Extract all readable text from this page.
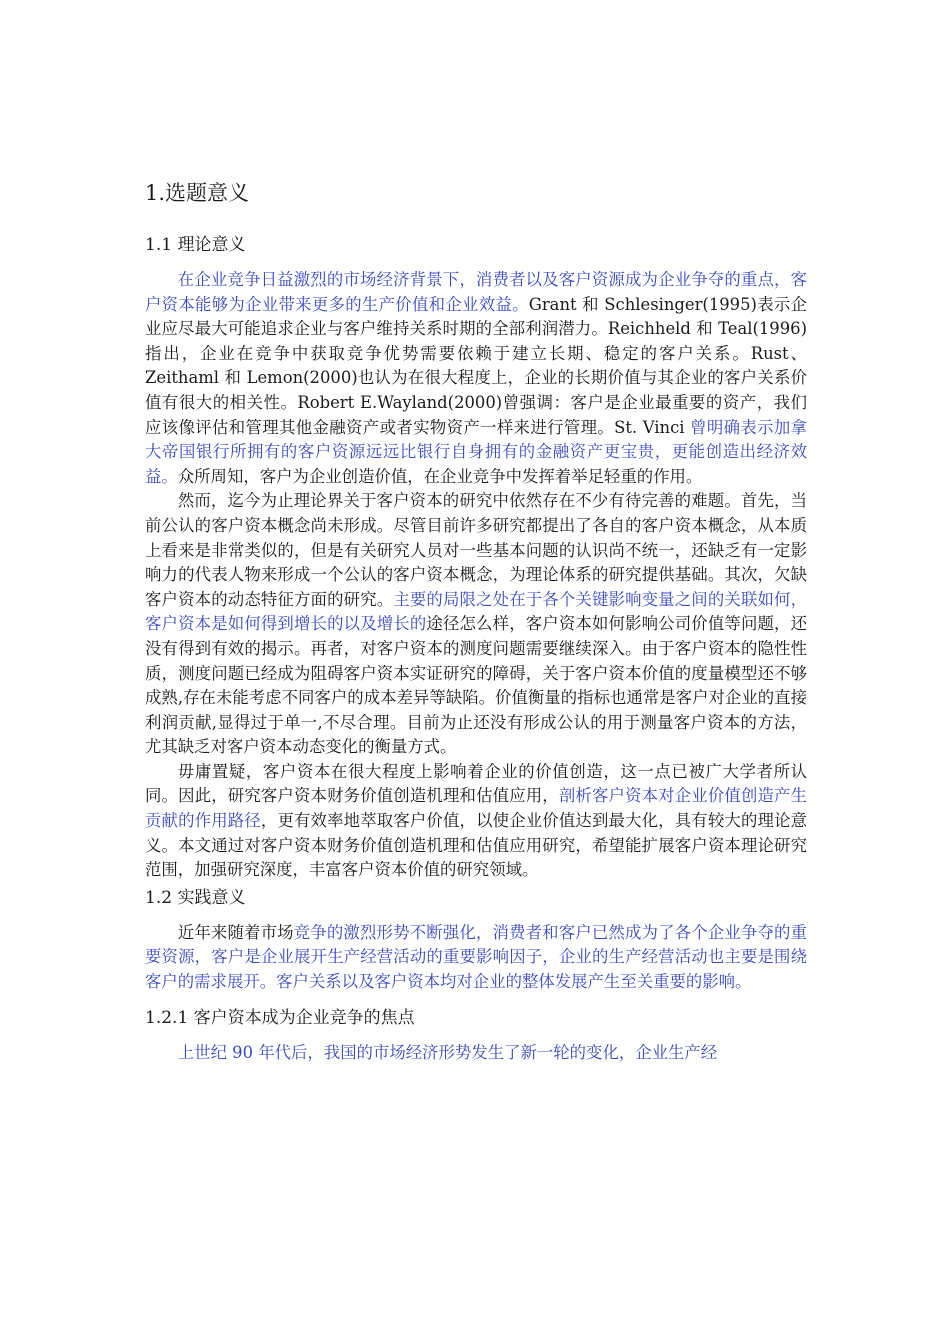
1.选题意义
1.1 理论意义

在企业竞争日益激烈的市场经济背景下，消费者以及客户资源成为企业争夺的重点，客户资本能够为企业带来更多的生产价值和企业效益。Grant 和 Schlesinger(1995)表示企业应尽最大可能追求企业与客户维持关系时期的全部利润潜力。Reichheld 和 Teal(1996)指出，企业在竞争中获取竞争优势需要依赖于建立长期、稳定的客户关系。Rust、Zeithaml 和 Lemon(2000)也认为在很大程度上，企业的长期价值与其企业的客户关系价值有很大的相关性。Robert E.Wayland(2000)曾强调：客户是企业最重要的资产，我们应该像评估和管理其他金融资产或者实物资产一样来进行管理。St. Vinci 曾明确表示加拿大帝国银行所拥有的客户资源远远比银行自身拥有的金融资产更宝贵，更能创造出经济效益。众所周知，客户为企业创造价值，在企业竞争中发挥着举足轻重的作用。

然而，迄今为止理论界关于客户资本的研究中依然存在不少有待完善的难题。首先，当前公认的客户资本概念尚未形成。尽管目前许多研究都提出了各自的客户资本概念，从本质上看来是非常类似的，但是有关研究人员对一些基本问题的认识尚不统一，还缺乏有一定影响力的代表人物来形成一个公认的客户资本概念，为理论体系的研究提供基础。其次，欠缺客户资本的动态特征方面的研究。主要的局限之处在于各个关键影响变量之间的关联如何，客户资本是如何得到增长的以及增长的途径怎么样，客户资本如何影响公司价值等问题，还没有得到有效的揭示。再者，对客户资本的测度问题需要继续深入。由于客户资本的隐性性质，测度问题已经成为阻碍客户资本实证研究的障碍，关于客户资本价值的度量模型还不够成熟,存在未能考虑不同客户的成本差异等缺陷。价值衡量的指标也通常是客户对企业的直接利润贡献,显得过于单一,不尽合理。目前为止还没有形成公认的用于测量客户资本的方法，尤其缺乏对客户资本动态变化的衡量方式。

毋庸置疑，客户资本在很大程度上影响着企业的价值创造，这一点已被广大学者所认同。因此，研究客户资本财务价值创造机理和估值应用，剖析客户资本对企业价值创造产生贡献的作用路径，更有效率地萃取客户价值，以使企业价值达到最大化，具有较大的理论意义。本文通过对客户资本财务价值创造机理和估值应用研究，希望能扩展客户资本理论研究范围，加强研究深度，丰富客户资本价值的研究领域。

1.2 实践意义

近年来随着市场竞争的激烈形势不断强化，消费者和客户已然成为了各个企业争夺的重要资源，客户是企业展开生产经营活动的重要影响因子，企业的生产经营活动也主要是围绕客户的需求展开。客户关系以及客户资本均对企业的整体发展产生至关重要的影响。

1.2.1 客户资本成为企业竞争的焦点

上世纪 90 年代后，我国的市场经济形势发生了新一轮的变化，企业生产经
